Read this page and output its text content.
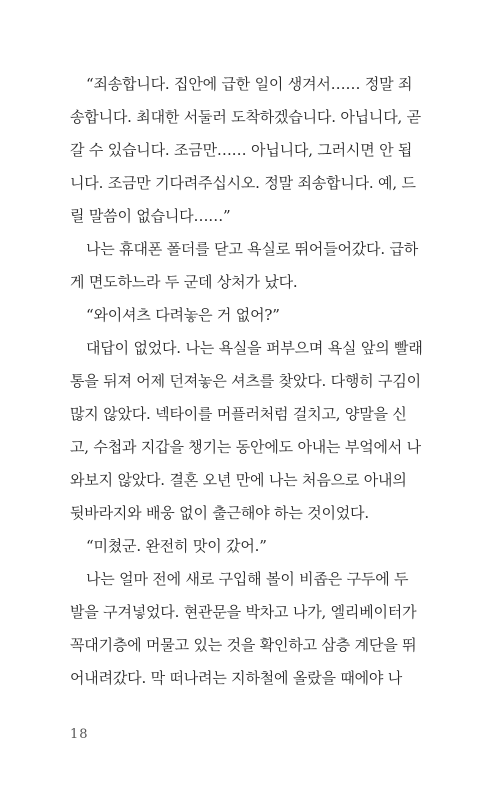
“죄송합니다. 집안에 급한 일이 생겨서…… 정말 죄
송합니다. 최대한 서둘러 도착하겠습니다. 아닙니다, 곧
갈 수 있습니다. 조금만…… 아닙니다, 그러시면 안 됩
니다. 조금만 기다려주십시오. 정말 죄송합니다. 예, 드
릴 말씀이 없습니다……”
나는 휴대폰 폴더를 닫고 욕실로 뛰어들어갔다. 급하
게 면도하느라 두 군데 상처가 났다.
“와이셔츠 다려놓은 거 없어?”
대답이 없었다. 나는 욕실을 퍼부으며 욕실 앞의 빨래
통을 뒤져 어제 던져놓은 셔츠를 찾았다. 다행히 구김이
많지 않았다. 넥타이를 머플러처럼 걸치고, 양말을 신
고, 수첩과 지갑을 챙기는 동안에도 아내는 부엌에서 나
와보지 않았다. 결혼 오년 만에 나는 처음으로 아내의
뒷바라지와 배웅 없이 출근해야 하는 것이었다.
“미쳤군. 완전히 맛이 갔어.”
나는 얼마 전에 새로 구입해 볼이 비좁은 구두에 두
발을 구겨넣었다. 현관문을 박차고 나가, 엘리베이터가
꼭대기층에 머물고 있는 것을 확인하고 삼층 계단을 뛰
어내려갔다. 막 떠나려는 지하철에 올랐을 때에야 나
18
